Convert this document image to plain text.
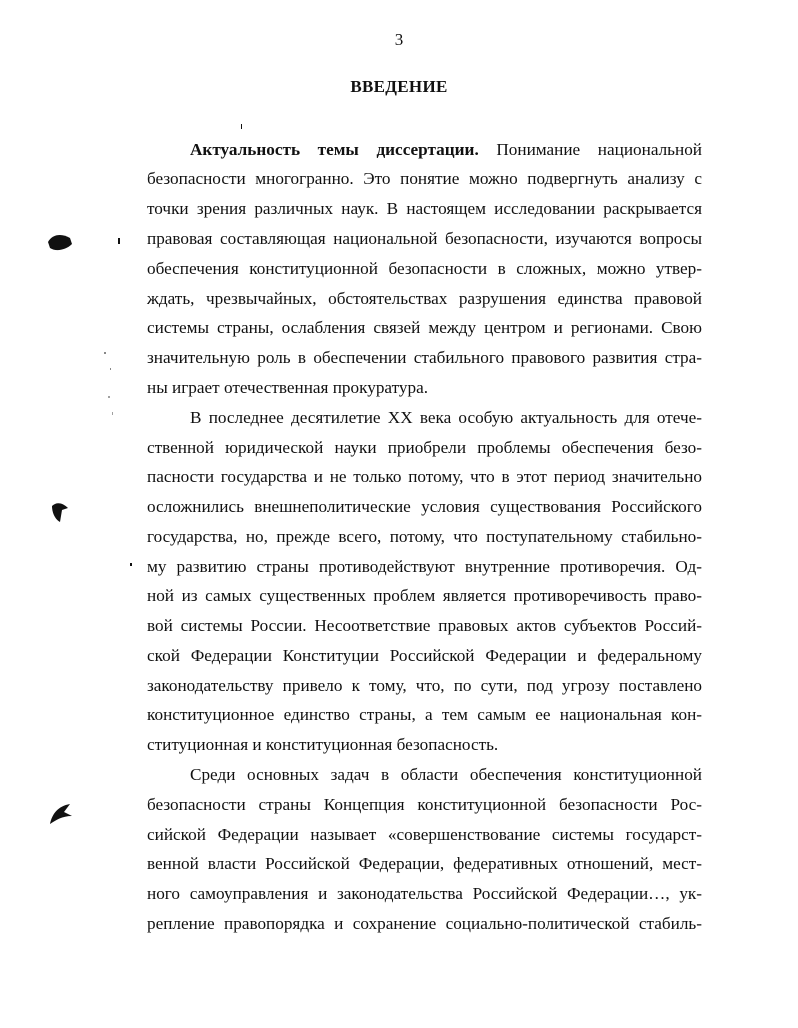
3
ВВЕДЕНИЕ
Актуальность темы диссертации. Понимание национальной
безопасности многогранно. Это понятие можно подвергнуть анализу с
точки зрения различных наук. В настоящем исследовании раскрывается
правовая составляющая национальной безопасности, изучаются вопросы
обеспечения конституционной безопасности в сложных, можно утвер-
ждать, чрезвычайных, обстоятельствах разрушения единства правовой
системы страны, ослабления связей между центром и регионами. Свою
значительную роль в обеспечении стабильного правового развития стра-
ны играет отечественная прокуратура.
В последнее десятилетие XX века особую актуальность для отече-
ственной юридической науки приобрели проблемы обеспечения безо-
пасности государства и не только потому, что в этот период значительно
осложнились внешнеполитические условия существования Российского
государства, но, прежде всего, потому, что поступательному стабильно-
му развитию страны противодействуют внутренние противоречия. Од-
ной из самых существенных проблем является противоречивость право-
вой системы России. Несоответствие правовых актов субъектов Россий-
ской Федерации Конституции Российской Федерации и федеральному
законодательству привело к тому, что, по сути, под угрозу поставлено
конституционное единство страны, а тем самым ее национальная кон-
ституционная и конституционная безопасность.
Среди основных задач в области обеспечения конституционной
безопасности страны Концепция конституционной безопасности Рос-
сийской Федерации называет «совершенствование системы государст-
венной власти Российской Федерации, федеративных отношений, мест-
ного самоуправления и законодательства Российской Федерации…, ук-
репление правопорядка и сохранение социально-политической стабиль-
